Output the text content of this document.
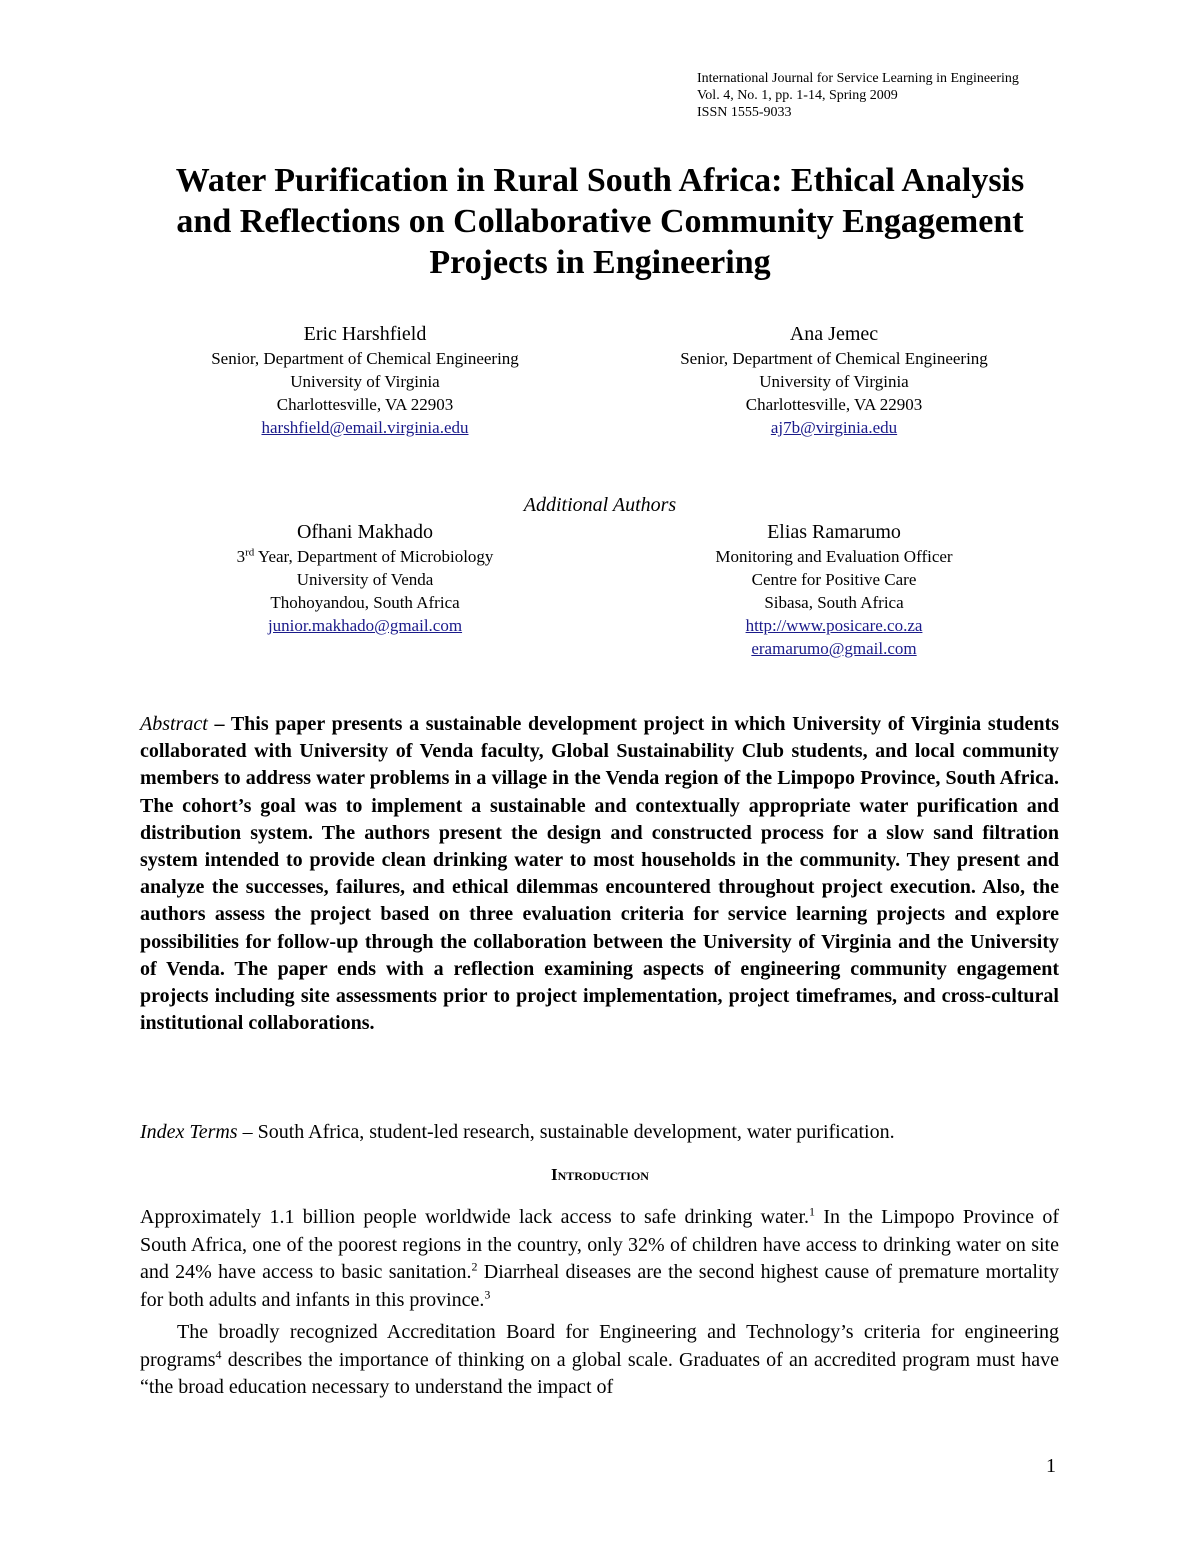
International Journal for Service Learning in Engineering
Vol. 4, No. 1, pp. 1-14, Spring 2009
ISSN 1555-9033
Water Purification in Rural South Africa: Ethical Analysis
and Reflections on Collaborative Community Engagement
Projects in Engineering
Eric Harshfield
Senior, Department of Chemical Engineering
University of Virginia
Charlottesville, VA 22903
harshfield@email.virginia.edu
Ana Jemec
Senior, Department of Chemical Engineering
University of Virginia
Charlottesville, VA 22903
aj7b@virginia.edu
Additional Authors
Ofhani Makhado
3rd Year, Department of Microbiology
University of Venda
Thohoyandou, South Africa
junior.makhado@gmail.com
Elias Ramarumo
Monitoring and Evaluation Officer
Centre for Positive Care
Sibasa, South Africa
http://www.posicare.co.za
eramarumo@gmail.com
Abstract – This paper presents a sustainable development project in which University of Virginia students collaborated with University of Venda faculty, Global Sustainability Club students, and local community members to address water problems in a village in the Venda region of the Limpopo Province, South Africa. The cohort’s goal was to implement a sustainable and contextually appropriate water purification and distribution system. The authors present the design and constructed process for a slow sand filtration system intended to provide clean drinking water to most households in the community. They present and analyze the successes, failures, and ethical dilemmas encountered throughout project execution. Also, the authors assess the project based on three evaluation criteria for service learning projects and explore possibilities for follow-up through the collaboration between the University of Virginia and the University of Venda. The paper ends with a reflection examining aspects of engineering community engagement projects including site assessments prior to project implementation, project timeframes, and cross-cultural institutional collaborations.
Index Terms – South Africa, student-led research, sustainable development, water purification.
Introduction

Approximately 1.1 billion people worldwide lack access to safe drinking water.$^1$ In the Limpopo Province of South Africa, one of the poorest regions in the country, only 32% of children have access to drinking water on site and 24% have access to basic sanitation.$^2$ Diarrheal diseases are the second highest cause of premature mortality for both adults and infants in this province.$^3$

The broadly recognized Accreditation Board for Engineering and Technology’s criteria for engineering programs$^4$ describes the importance of thinking on a global scale. Graduates of an accredited program must have “the broad education necessary to understand the impact of

1
